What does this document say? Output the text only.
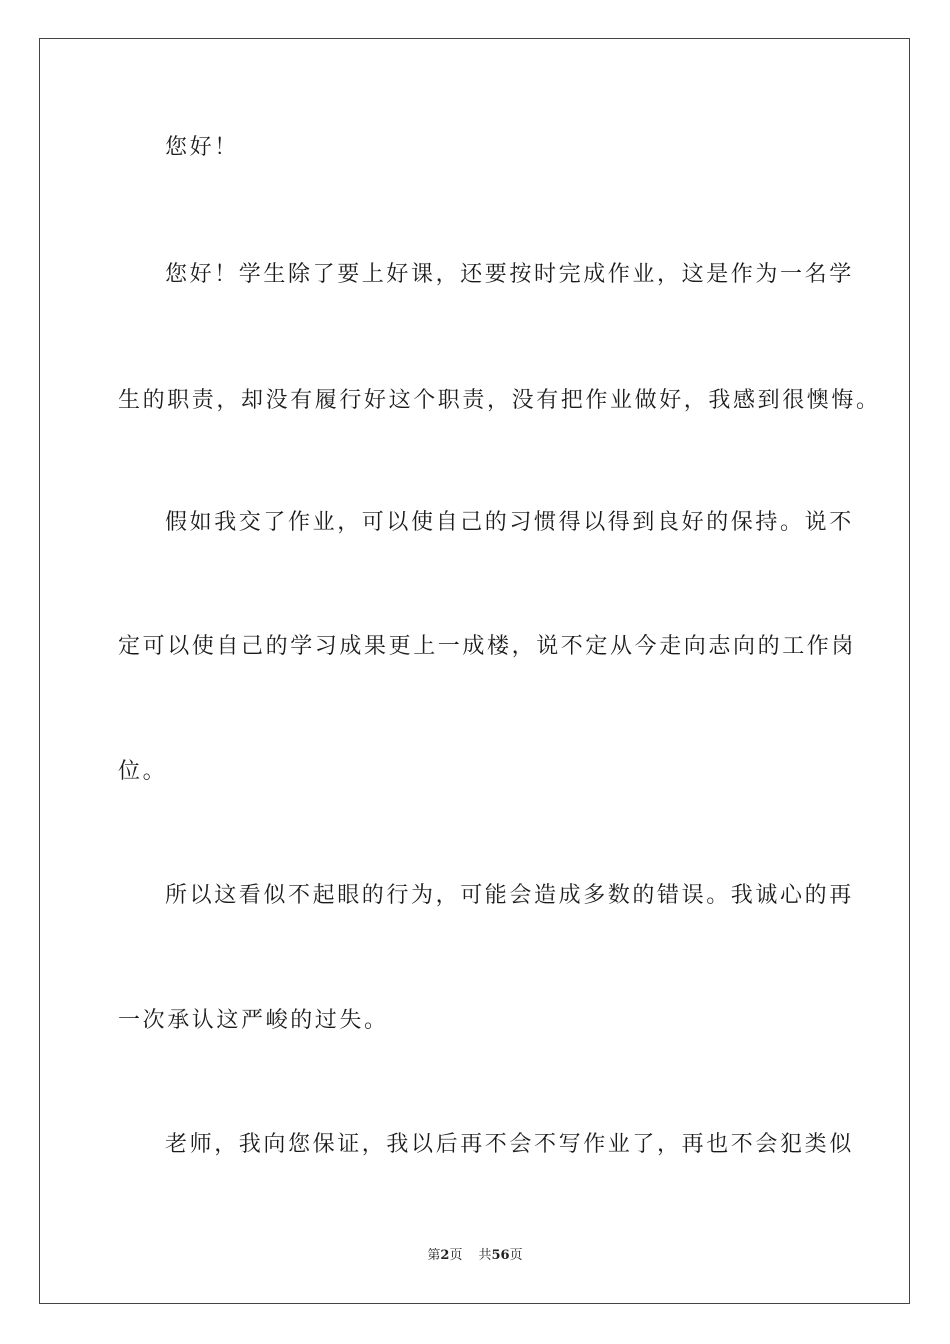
您好！

您好！学生除了要上好课，还要按时完成作业，这是作为一名学

生的职责，却没有履行好这个职责，没有把作业做好，我感到很懊悔。

假如我交了作业，可以使自己的习惯得以得到良好的保持。说不

定可以使自己的学习成果更上一成楼，说不定从今走向志向的工作岗

位。

所以这看似不起眼的行为，可能会造成多数的错误。我诚心的再

一次承认这严峻的过失。

老师，我向您保证，我以后再不会不写作业了，再也不会犯类似

第2页 共56页
